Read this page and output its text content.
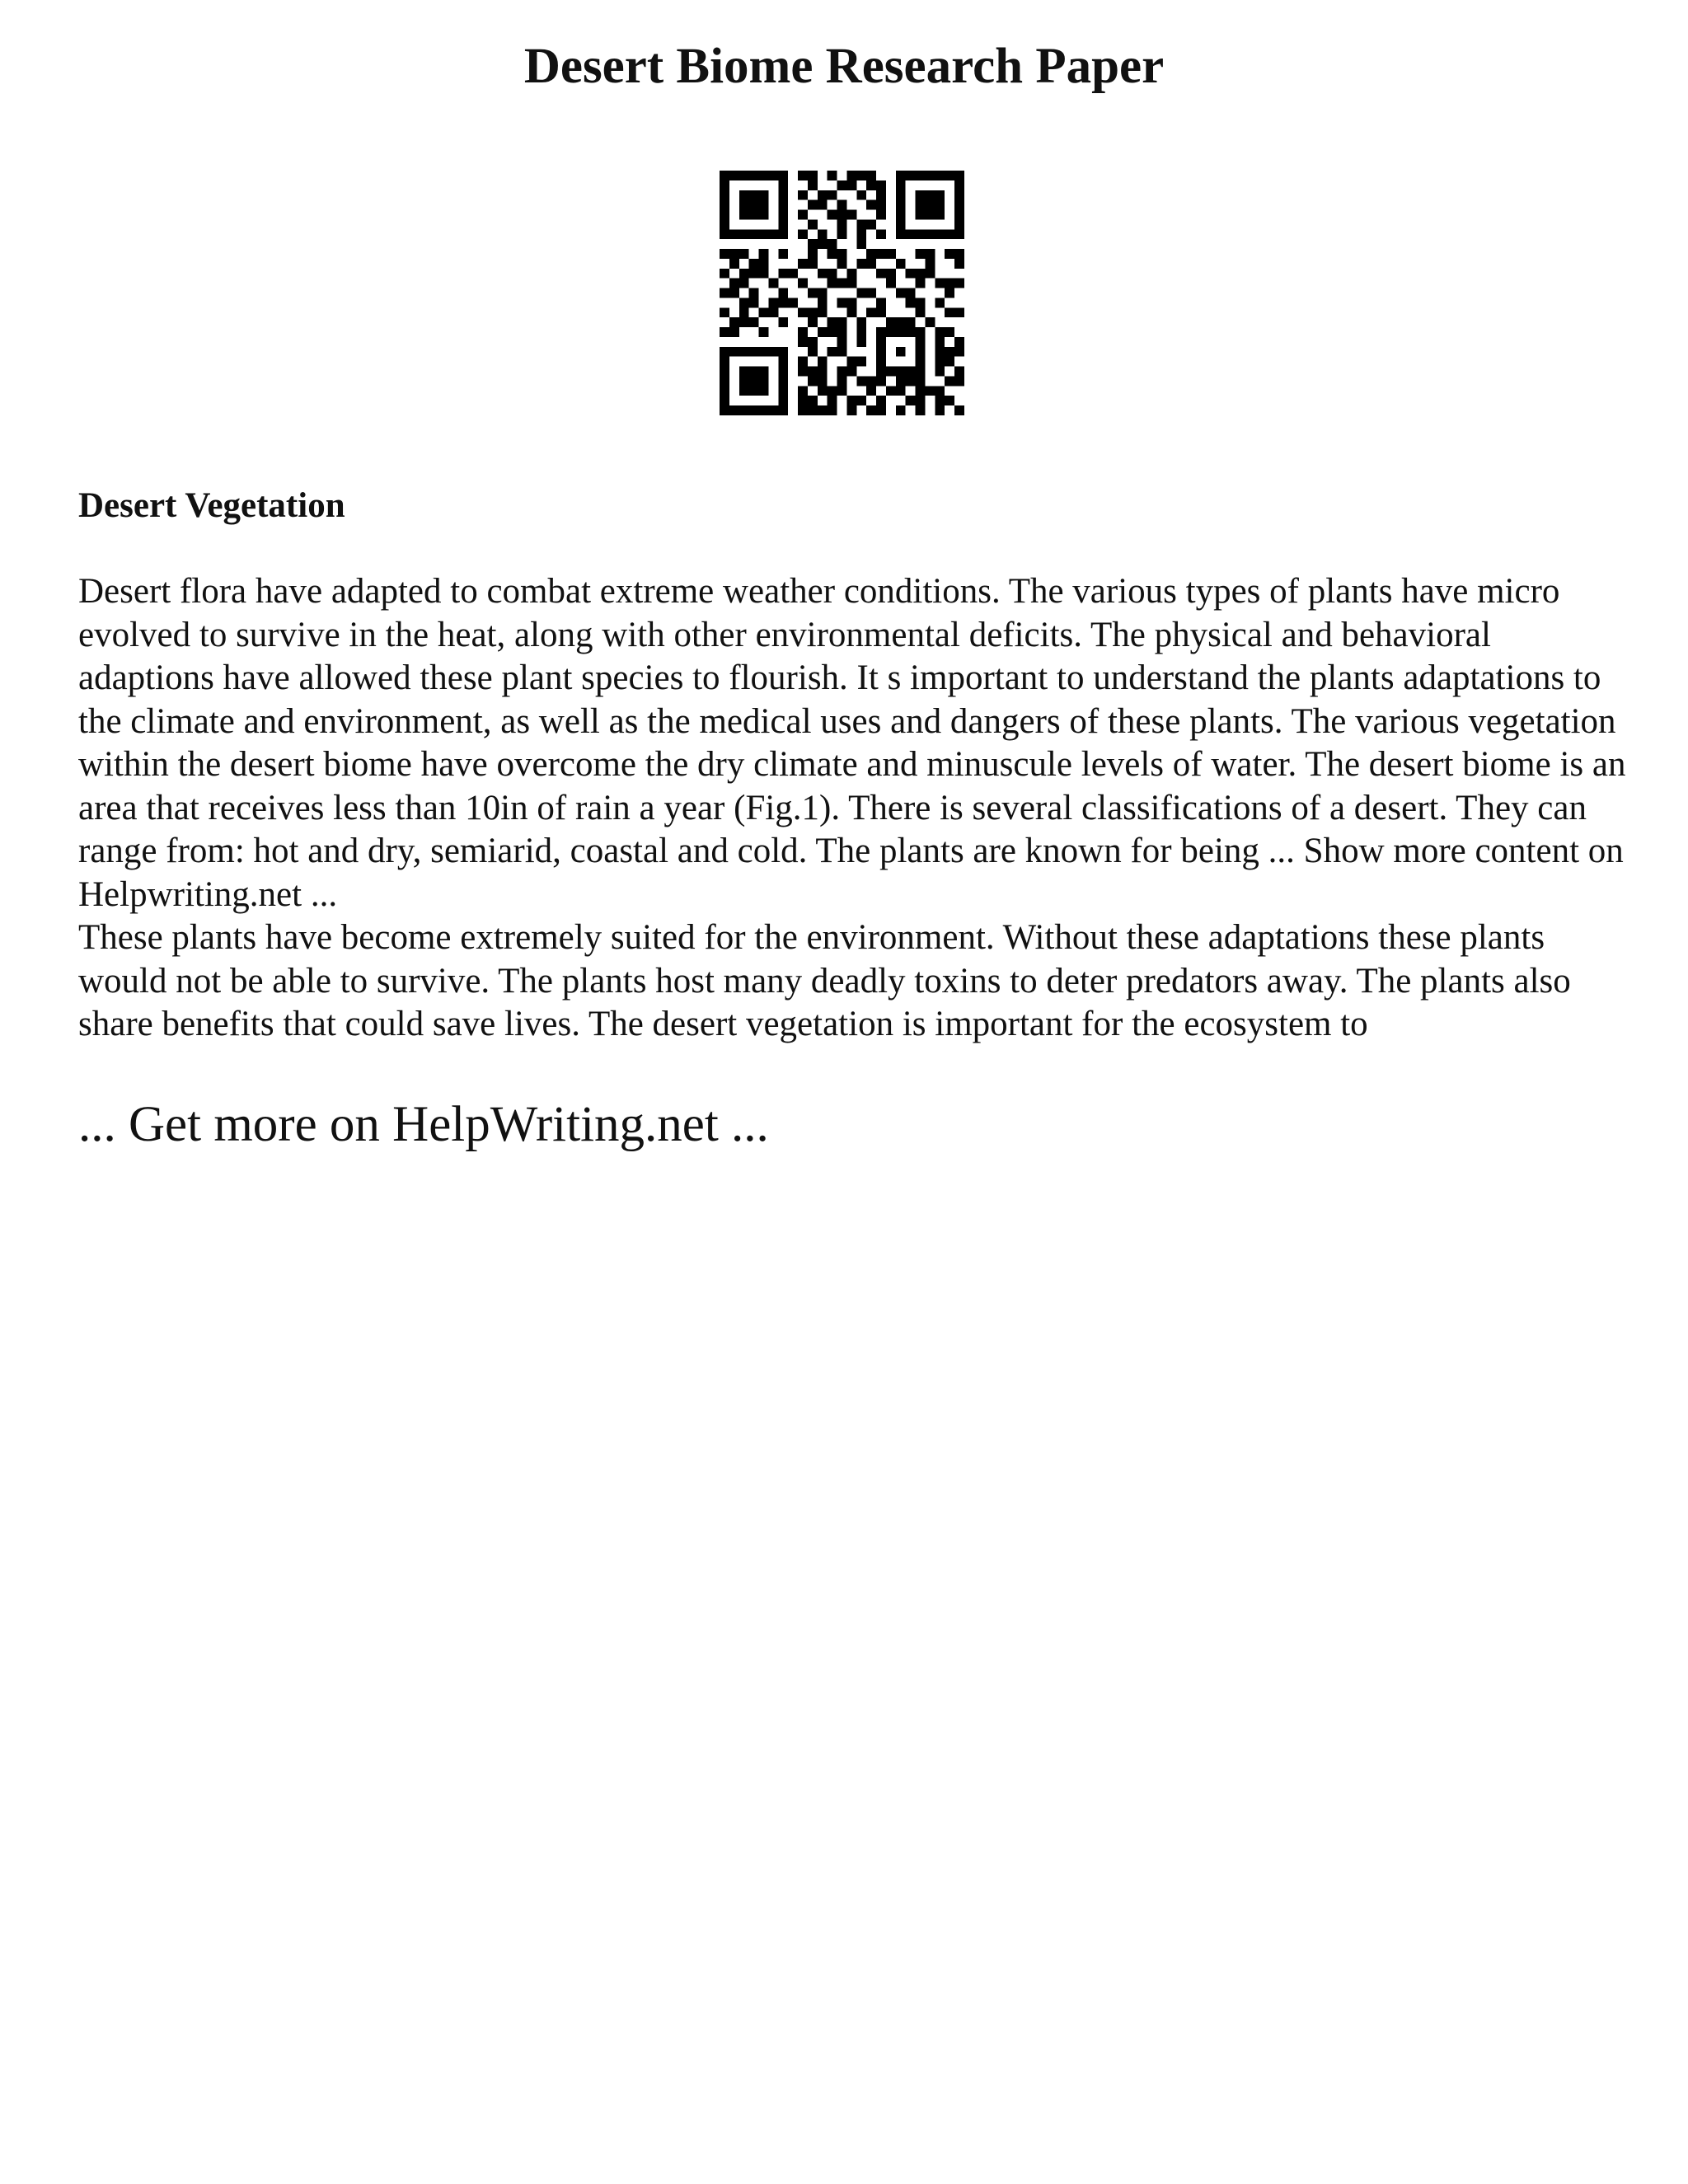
Desert Biome Research Paper
Desert Vegetation

Desert flora have adapted to combat extreme weather conditions. The various types of plants have micro evolved to survive in the heat, along with other environmental deficits. The physical and behavioral adaptions have allowed these plant species to flourish. It s important to understand the plants adaptations to the climate and environment, as well as the medical uses and dangers of these plants. The various vegetation within the desert biome have overcome the dry climate and minuscule levels of water. The desert biome is an area that receives less than 10in of rain a year (Fig.1). There is several classifications of a desert. They can range from: hot and dry, semiarid, coastal and cold. The plants are known for being ... Show more content on Helpwriting.net ...

These plants have become extremely suited for the environment. Without these adaptations these plants would not be able to survive. The plants host many deadly toxins to deter predators away. The plants also share benefits that could save lives. The desert vegetation is important for the ecosystem to

... Get more on HelpWriting.net ...
